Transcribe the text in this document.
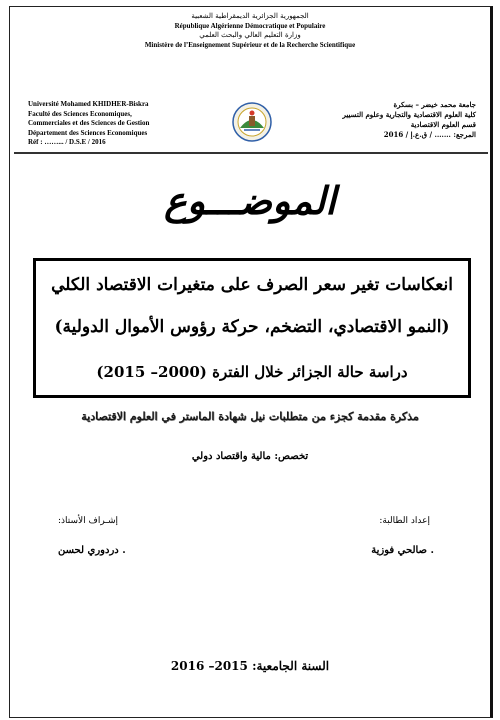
الجمهورية الجزائرية الديمقراطية الشعبية
République Algérienne Démocratique et Populaire
وزارة التعليم العالي والبحث العلمي
Ministère de l’Enseignement Supérieur et de la Recherche Scientifique
Université Mohamed KHIDHER-Biskra
Faculté des Sciences Economiques,
Commerciales et des Sciences de Gestion
Département des Sciences Economiques
Réf : ……... / D.S.E / 2016
جامعة محمد خيضر – بسكرة
كلية العلوم الاقتصادية والتجارية وعلوم التسيير
قسم العلوم الاقتصادية
المرجع: ……. / ق.ع.إ / 2016
الموضـــوع
انعكاسات تغير سعر الصرف على متغيرات الاقتصاد الكلي
(النمو الاقتصادي، التضخم، حركة رؤوس الأموال الدولية)
دراسة حالة الجزائر خلال الفترة (2000– 2015)
مذكرة مقدمة كجزء من متطلبات نيل شهادة الماستر في العلوم الاقتصادية
تخصص: مالية واقتصاد دولي
إعداد الطالبة:
إشـراف الأستاذ:
. صالحي فوزية
. دردوري لحسن
السنة الجامعية: 2015– 2016
